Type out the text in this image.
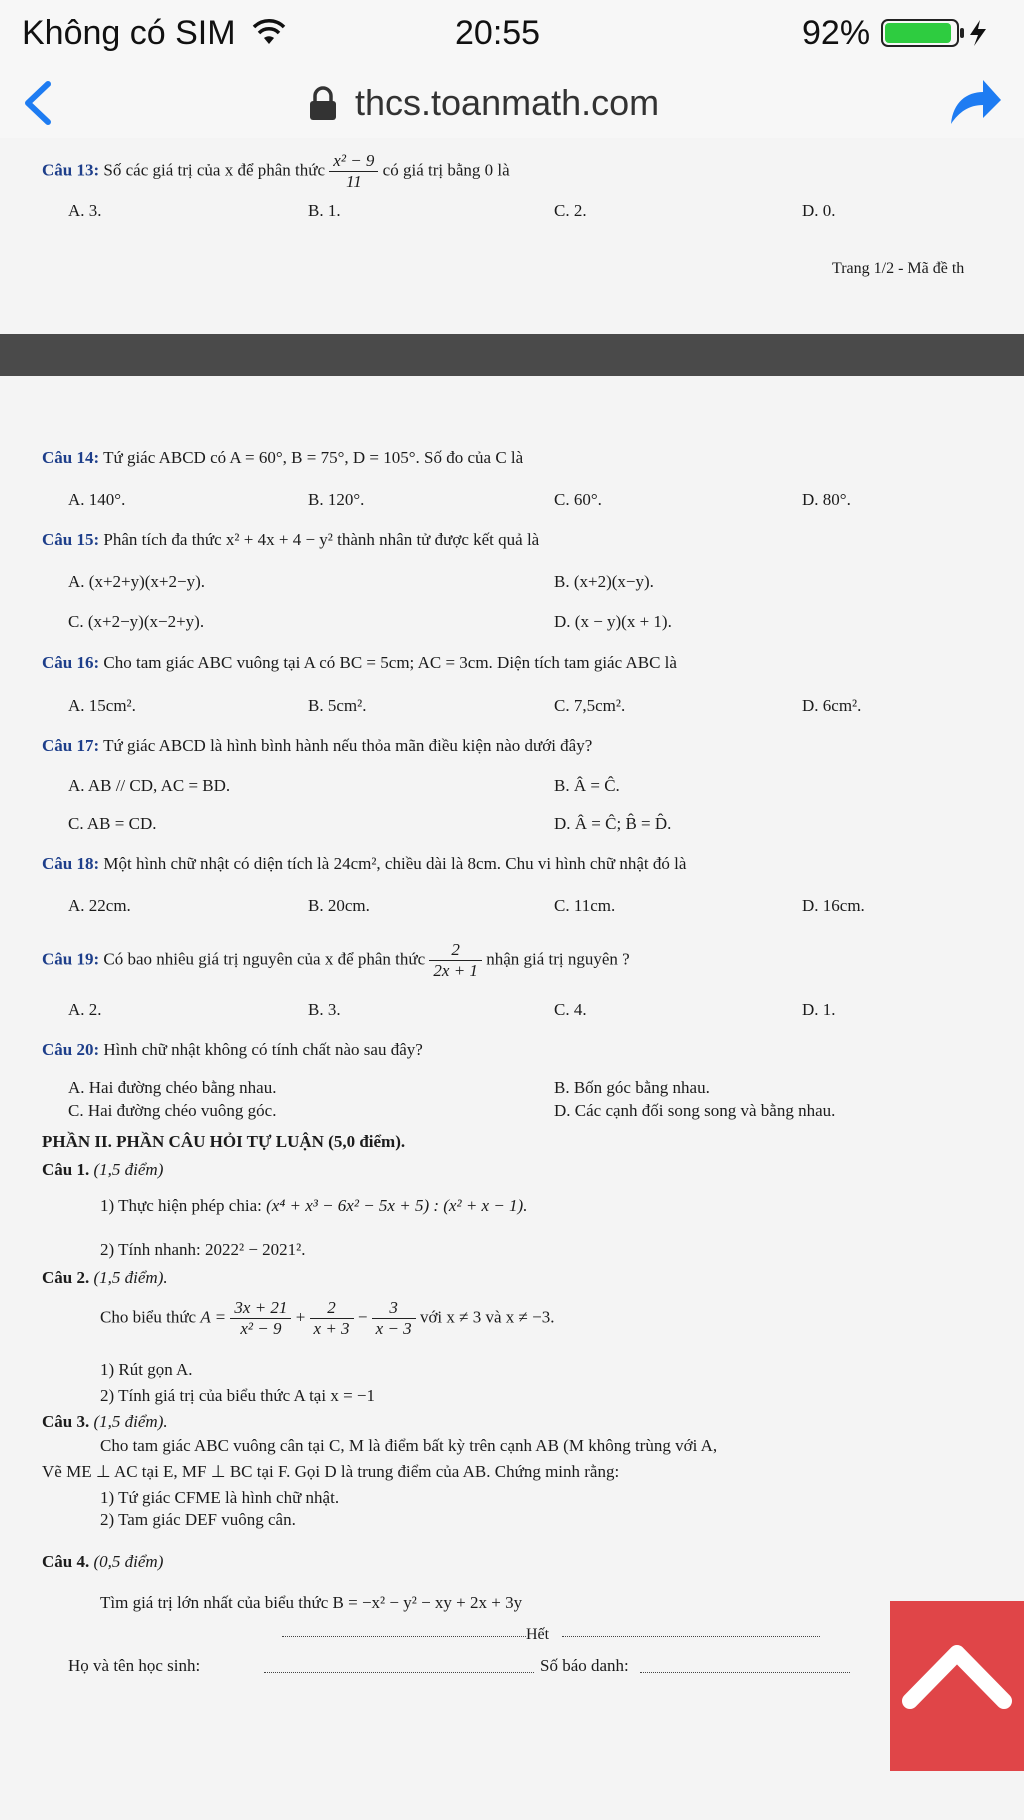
Không có SIM	20:55	92%
thcs.toanmath.com
Câu 13: Số các giá trị của x để phân thức $\frac{\text{x² − 9}}{11}$ có giá trị bằng 0 là
A. 3.	B. 1.	C. 2.	D. 0.
Trang 1/2 - Mã đề th
Câu 14: Tứ giác ABCD có A = 60°, B = 75°, D = 105°. Số đo của C là
A. 140°.	B. 120°.	C. 60°.	D. 80°.
Câu 15: Phân tích đa thức x² + 4x + 4 − y² thành nhân tử được kết quả là
A. (x+2+y)(x+2−y).	B. (x+2)(x−y).
C. (x+2−y)(x−2+y).	D. (x − y)(x + 1).
Câu 16: Cho tam giác ABC vuông tại A có BC = 5cm; AC = 3cm. Diện tích tam giác ABC là
A. 15cm².	B. 5cm².	C. 7,5cm².	D. 6cm².
Câu 17: Tứ giác ABCD là hình bình hành nếu thỏa mãn điều kiện nào dưới đây?
A. AB // CD, AC = BD.	B. Â = Ĉ.
C. AB = CD.	D. Â = Ĉ; B̂ = D̂.
Câu 18: Một hình chữ nhật có diện tích là 24cm², chiều dài là 8cm. Chu vi hình chữ nhật đó là
A. 22cm.	B. 20cm.	C. 11cm.	D. 16cm.
Câu 19: Có bao nhiêu giá trị nguyên của x để phân thức $\frac{2}{2x + 1}$ nhận giá trị nguyên ?
A. 2.	B. 3.	C. 4.	D. 1.
Câu 20: Hình chữ nhật không có tính chất nào sau đây?
A. Hai đường chéo bằng nhau.	B. Bốn góc bằng nhau.
C. Hai đường chéo vuông góc.	D. Các cạnh đối song song và bằng nhau.
PHẦN II. PHẦN CÂU HỎI TỰ LUẬN (5,0 điểm).
Câu 1. (1,5 điểm)
1) Thực hiện phép chia: (x⁴ + x³ − 6x² − 5x + 5) : (x² + x − 1).
2) Tính nhanh: 2022² − 2021².
Câu 2. (1,5 điểm).
Cho biểu thức $A = \frac{3x + 21}{\text{x² − 9}} + \frac{2}{x + 3} - \frac{3}{x - 3}$ với x ≠ 3 và x ≠ −3.
1) Rút gọn A.
2) Tính giá trị của biểu thức A tại x = −1
Câu 3. (1,5 điểm).
Cho tam giác ABC vuông cân tại C, M là điểm bất kỳ trên cạnh AB (M không trùng với A,
Vẽ ME ⊥ AC tại E, MF ⊥ BC tại F. Gọi D là trung điểm của AB. Chứng minh rằng:
1) Tứ giác CFME là hình chữ nhật.
2) Tam giác DEF vuông cân.
Câu 4. (0,5 điểm)
Tìm giá trị lớn nhất của biểu thức B = −x² − y² − xy + 2x + 3y
Hết
Họ và tên học sinh:	Số báo danh:
